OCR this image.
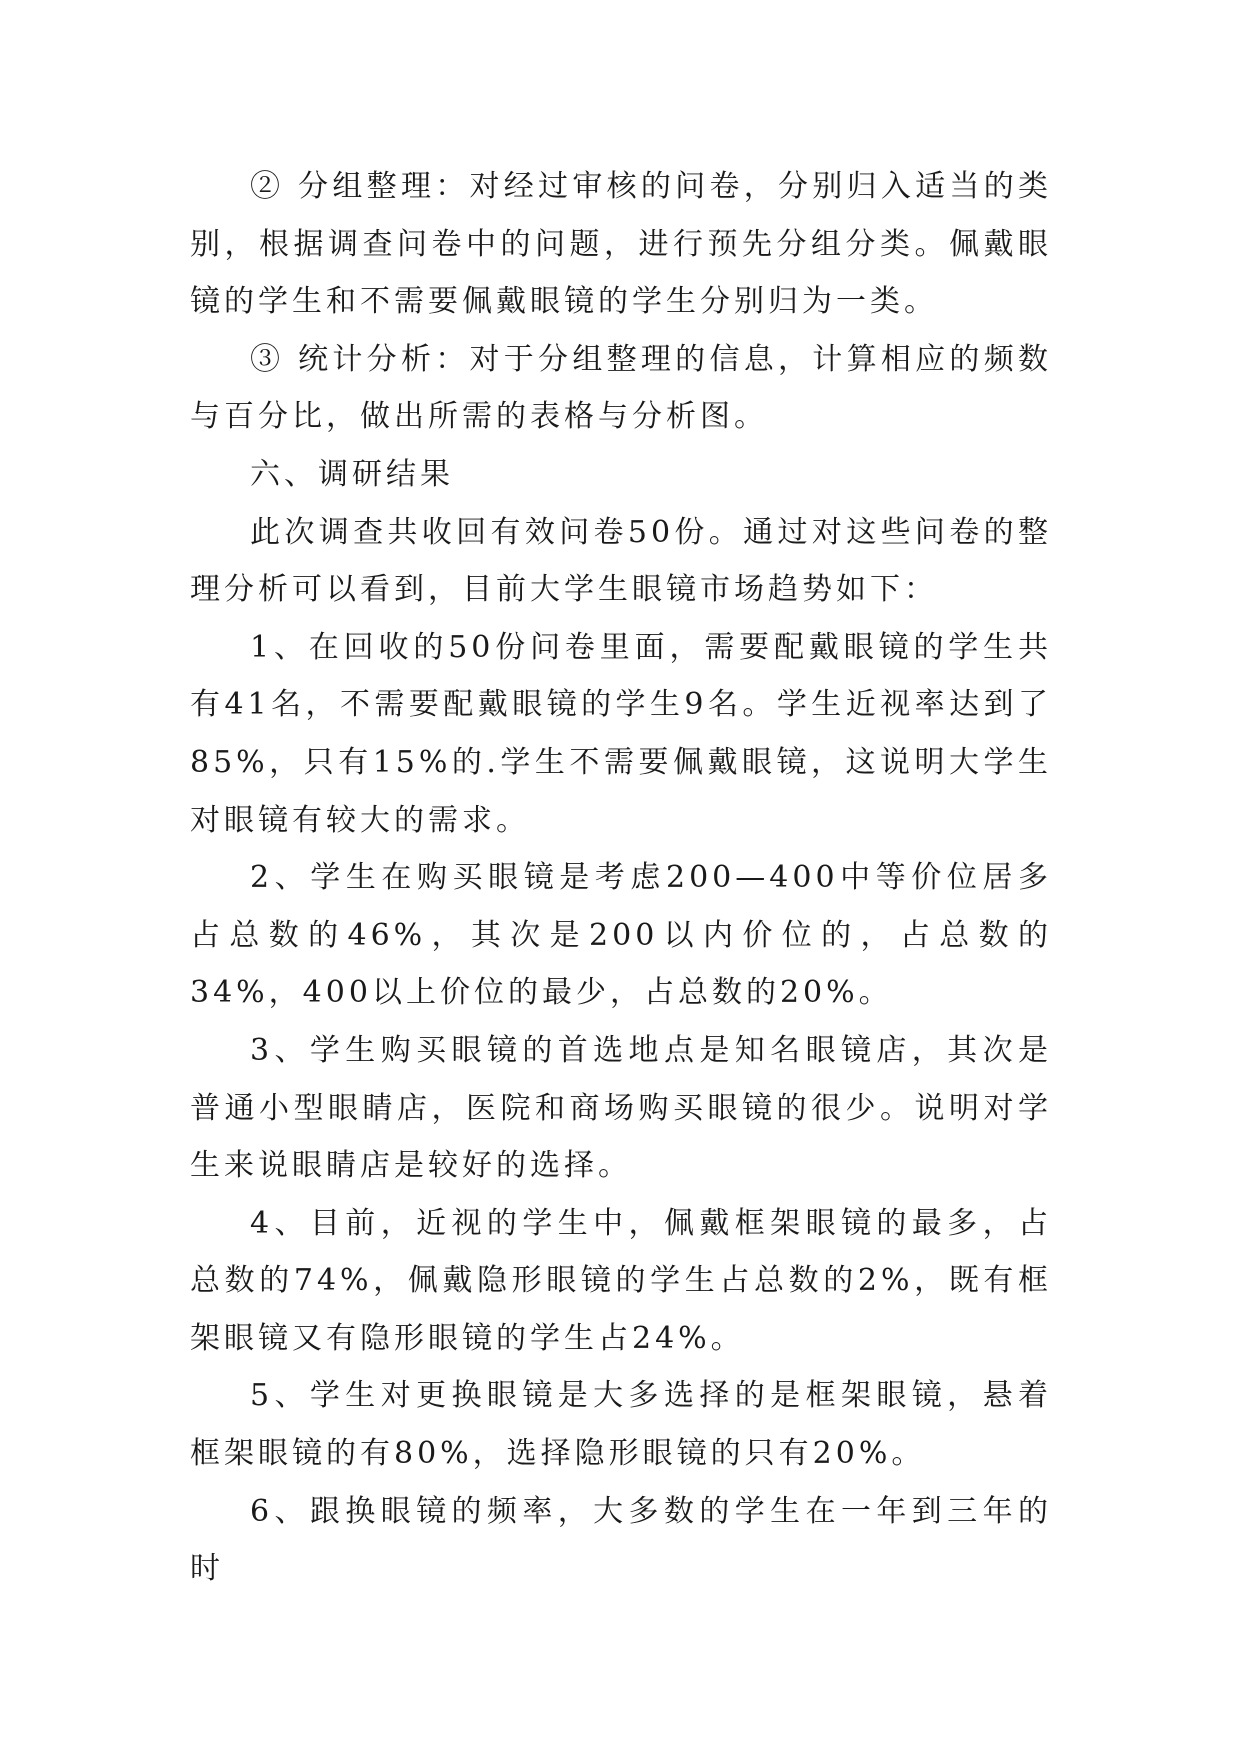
② 分组整理：对经过审核的问卷，分别归入适当的类别，根据调查问卷中的问题，进行预先分组分类。佩戴眼镜的学生和不需要佩戴眼镜的学生分别归为一类。

③ 统计分析：对于分组整理的信息，计算相应的频数与百分比，做出所需的表格与分析图。

六、调研结果

此次调查共收回有效问卷50份。通过对这些问卷的整理分析可以看到，目前大学生眼镜市场趋势如下：

1、在回收的50份问卷里面，需要配戴眼镜的学生共有41名，不需要配戴眼镜的学生9名。学生近视率达到了85%，只有15%的.学生不需要佩戴眼镜，这说明大学生对眼镜有较大的需求。

2、学生在购买眼镜是考虑200—400中等价位居多占总数的46%，其次是200以内价位的，占总数的34%，400以上价位的最少，占总数的20%。

3、学生购买眼镜的首选地点是知名眼镜店，其次是普通小型眼睛店，医院和商场购买眼镜的很少。说明对学生来说眼睛店是较好的选择。

4、目前，近视的学生中，佩戴框架眼镜的最多，占总数的74%，佩戴隐形眼镜的学生占总数的2%，既有框架眼镜又有隐形眼镜的学生占24%。

5、学生对更换眼镜是大多选择的是框架眼镜，悬着框架眼镜的有80%，选择隐形眼镜的只有20%。

6、跟换眼镜的频率，大多数的学生在一年到三年的时
